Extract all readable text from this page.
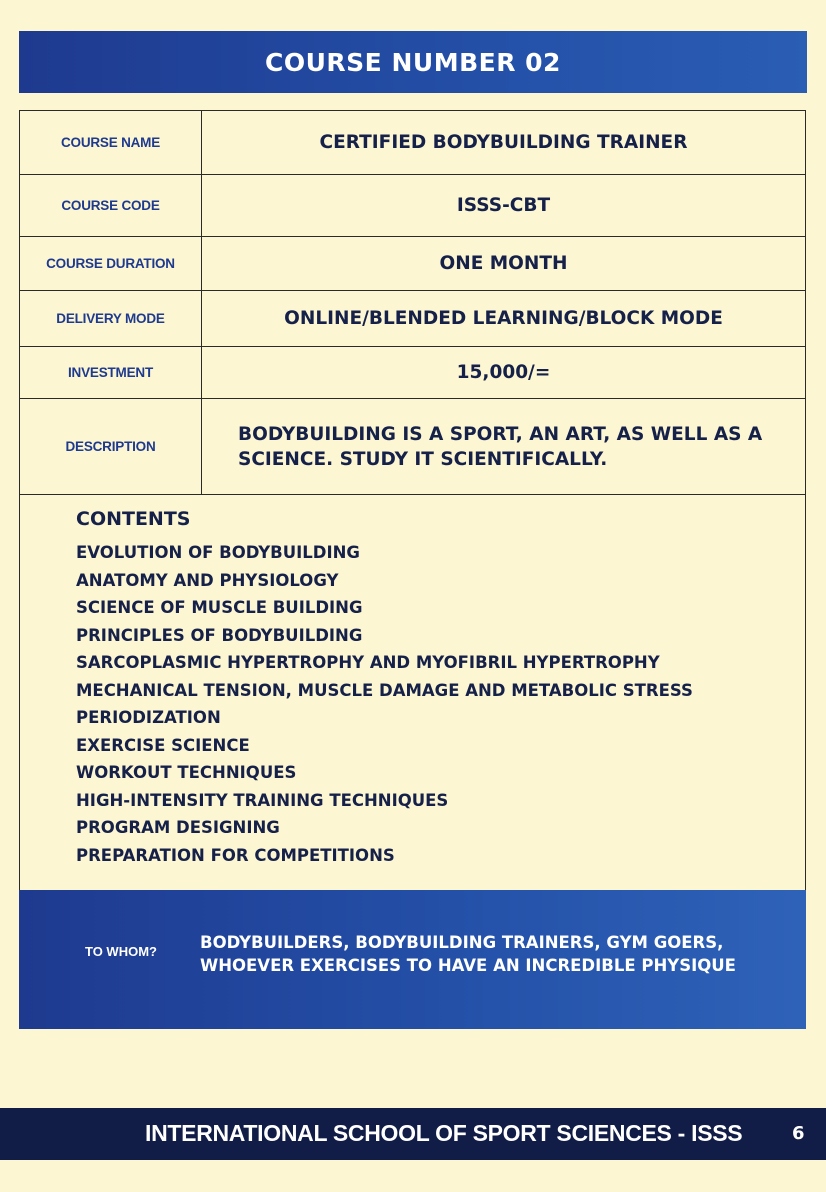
COURSE NUMBER 02
COURSE NAME	CERTIFIED BODYBUILDING TRAINER
COURSE CODE	ISSS-CBT
COURSE DURATION	ONE MONTH
DELIVERY MODE	ONLINE/BLENDED LEARNING/BLOCK MODE
INVESTMENT	15,000/=
DESCRIPTION	BODYBUILDING IS A SPORT, AN ART, AS WELL AS A SCIENCE. STUDY IT SCIENTIFICALLY.
CONTENTS
EVOLUTION OF BODYBUILDING
ANATOMY AND PHYSIOLOGY
SCIENCE OF MUSCLE BUILDING
PRINCIPLES OF BODYBUILDING
SARCOPLASMIC HYPERTROPHY AND MYOFIBRIL HYPERTROPHY
MECHANICAL TENSION, MUSCLE DAMAGE AND METABOLIC STRESS
PERIODIZATION
EXERCISE SCIENCE
WORKOUT TECHNIQUES
HIGH-INTENSITY TRAINING TECHNIQUES
PROGRAM DESIGNING
PREPARATION FOR COMPETITIONS
TO WHOM?	BODYBUILDERS, BODYBUILDING TRAINERS, GYM GOERS, WHOEVER EXERCISES TO HAVE AN INCREDIBLE PHYSIQUE
INTERNATIONAL SCHOOL OF SPORT SCIENCES - ISSS	6
